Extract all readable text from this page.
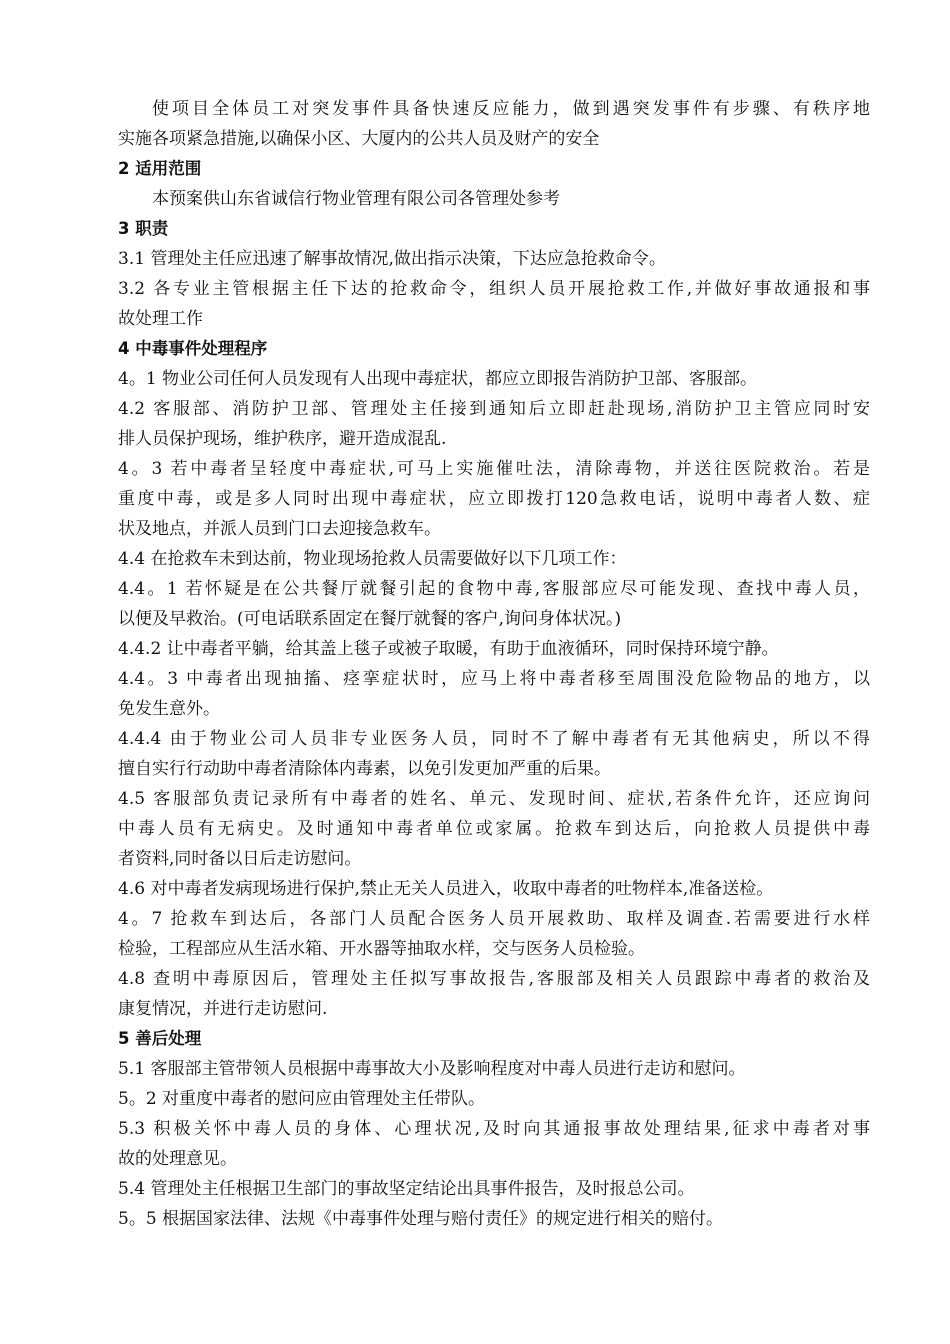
使项目全体员工对突发事件具备快速反应能力，做到遇突发事件有步骤、有秩序地
实施各项紧急措施,以确保小区、大厦内的公共人员及财产的安全
2 适用范围
本预案供山东省诚信行物业管理有限公司各管理处参考
3 职责
3.1 管理处主任应迅速了解事故情况,做出指示决策，下达应急抢救命令。
3.2 各专业主管根据主任下达的抢救命令，组织人员开展抢救工作,并做好事故通报和事
故处理工作
4 中毒事件处理程序
4。1 物业公司任何人员发现有人出现中毒症状，都应立即报告消防护卫部、客服部。
4.2 客服部、消防护卫部、管理处主任接到通知后立即赶赴现场,消防护卫主管应同时安
排人员保护现场，维护秩序，避开造成混乱.
4。3 若中毒者呈轻度中毒症状,可马上实施催吐法，清除毒物，并送往医院救治。若是
重度中毒，或是多人同时出现中毒症状，应立即拨打120急救电话，说明中毒者人数、症
状及地点，并派人员到门口去迎接急救车。
4.4 在抢救车未到达前，物业现场抢救人员需要做好以下几项工作：
4.4。1 若怀疑是在公共餐厅就餐引起的食物中毒,客服部应尽可能发现、查找中毒人员，
以便及早救治。(可电话联系固定在餐厅就餐的客户,询问身体状况。)
4.4.2 让中毒者平躺，给其盖上毯子或被子取暖，有助于血液循环，同时保持环境宁静。
4.4。3 中毒者出现抽搐、痉挛症状时，应马上将中毒者移至周围没危险物品的地方，以
免发生意外。
4.4.4 由于物业公司人员非专业医务人员，同时不了解中毒者有无其他病史，所以不得
擅自实行行动助中毒者清除体内毒素，以免引发更加严重的后果。
4.5 客服部负责记录所有中毒者的姓名、单元、发现时间、症状,若条件允许，还应询问
中毒人员有无病史。及时通知中毒者单位或家属。抢救车到达后，向抢救人员提供中毒
者资料,同时备以日后走访慰问。
4.6 对中毒者发病现场进行保护,禁止无关人员进入，收取中毒者的吐物样本,准备送检。
4。7 抢救车到达后，各部门人员配合医务人员开展救助、取样及调查.若需要进行水样
检验，工程部应从生活水箱、开水器等抽取水样，交与医务人员检验。
4.8 查明中毒原因后，管理处主任拟写事故报告,客服部及相关人员跟踪中毒者的救治及
康复情况，并进行走访慰问.
5 善后处理
5.1 客服部主管带领人员根据中毒事故大小及影响程度对中毒人员进行走访和慰问。
5。2 对重度中毒者的慰问应由管理处主任带队。
5.3 积极关怀中毒人员的身体、心理状况,及时向其通报事故处理结果,征求中毒者对事
故的处理意见。
5.4 管理处主任根据卫生部门的事故坚定结论出具事件报告，及时报总公司。
5。5 根据国家法律、法规《中毒事件处理与赔付责任》的规定进行相关的赔付。
